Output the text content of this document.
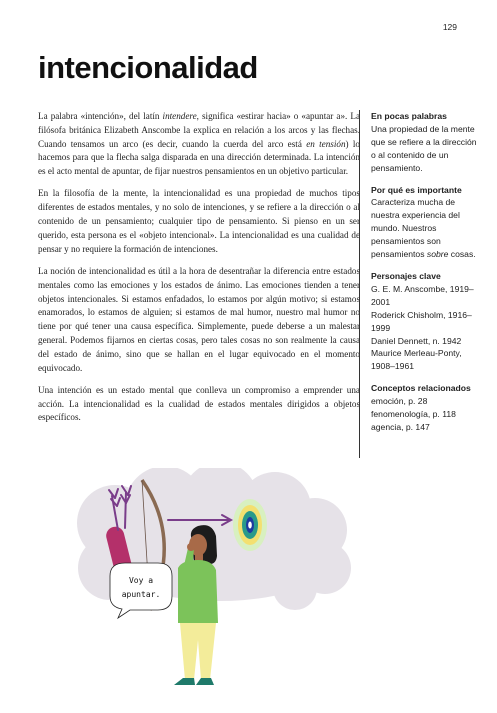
129
intencionalidad

La palabra «intención», del latín intendere, significa «estirar hacia» o «apuntar a». La filósofa británica Elizabeth Anscombe la explica en relación a los arcos y las flechas. Cuando tensamos un arco (es decir, cuando la cuerda del arco está en tensión) lo hacemos para que la flecha salga disparada en una dirección determinada. La intención es el acto mental de apuntar, de fijar nuestros pensamientos en un objetivo particular.

En la filosofía de la mente, la intencionalidad es una propiedad de muchos tipos diferentes de estados mentales, y no solo de intenciones, y se refiere a la dirección o al contenido de un pensamiento; cualquier tipo de pensamiento. Si pienso en un ser querido, esta persona es el «objeto intencional». La intencionalidad es una cualidad de pensar y no requiere la formación de intenciones.

La noción de intencionalidad es útil a la hora de desentrañar la diferencia entre estados mentales como las emociones y los estados de ánimo. Las emociones tienden a tener objetos intencionales. Si estamos enfadados, lo estamos por algún motivo; si estamos enamorados, lo estamos de alguien; si estamos de mal humor, nuestro mal humor no tiene por qué tener una causa específica. Simplemente, puede deberse a un malestar general. Podemos fijarnos en ciertas cosas, pero tales cosas no son realmente la causa del estado de ánimo, sino que se hallan en el lugar equivocado en el momento equivocado.

Una intención es un estado mental que conlleva un compromiso a emprender una acción. La intencionalidad es la cualidad de estados mentales dirigidos a objetos específicos.

En pocas palabras

Una propiedad de la mente que se refiere a la dirección o al contenido de un pensamiento.

Por qué es importante

Caracteriza mucha de nuestra experiencia del mundo. Nuestros pensamientos son pensamientos sobre cosas.

Personajes clave

G. E. M. Anscombe, 1919–2001
Roderick Chisholm, 1916–1999
Daniel Dennett, n. 1942
Maurice Merleau-Ponty, 1908–1961

Conceptos relacionados

emoción, p. 28
fenomenología, p. 118
agencia, p. 147
Voy a
apuntar.
